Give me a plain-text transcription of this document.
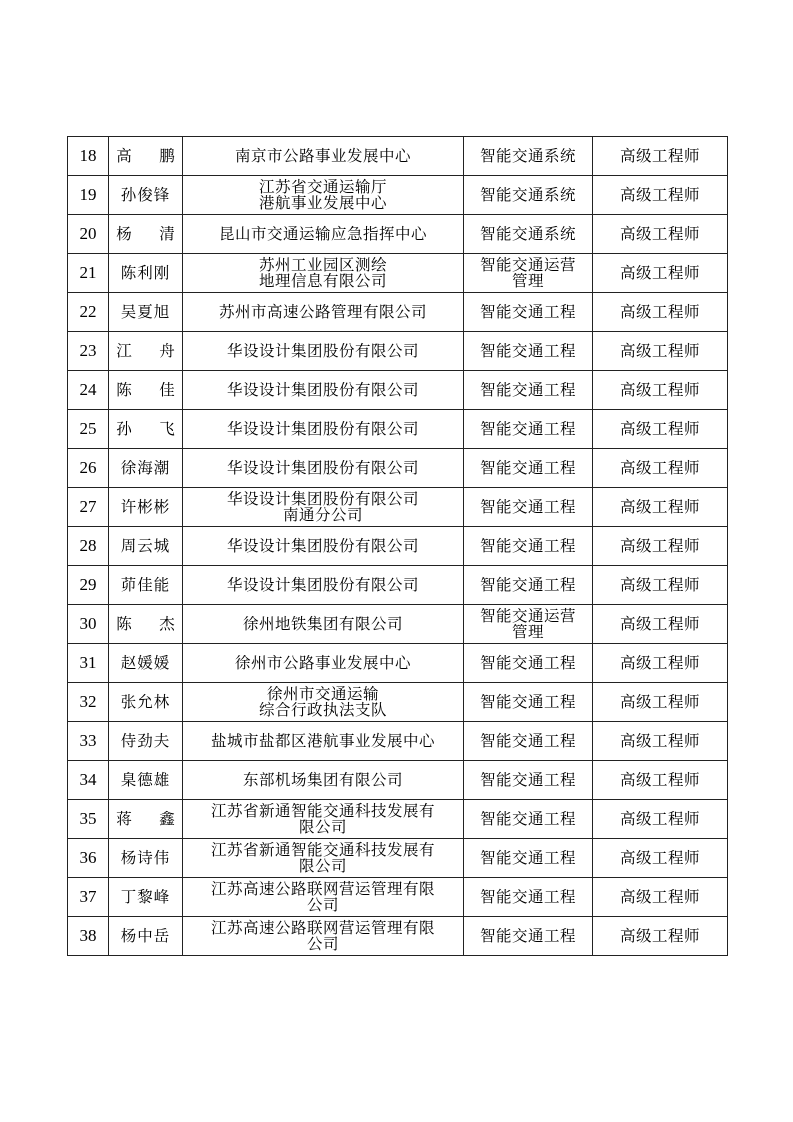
18	高 鹏	南京市公路事业发展中心	智能交通系统	高级工程师
19	孙俊锋	江苏省交通运输厅
港航事业发展中心	智能交通系统	高级工程师
20	杨 清	昆山市交通运输应急指挥中心	智能交通系统	高级工程师
21	陈利刚	苏州工业园区测绘
地理信息有限公司	智能交通运营
管理	高级工程师
22	吴夏旭	苏州市高速公路管理有限公司	智能交通工程	高级工程师
23	江 舟	华设设计集团股份有限公司	智能交通工程	高级工程师
24	陈 佳	华设设计集团股份有限公司	智能交通工程	高级工程师
25	孙 飞	华设设计集团股份有限公司	智能交通工程	高级工程师
26	徐海潮	华设设计集团股份有限公司	智能交通工程	高级工程师
27	许彬彬	华设设计集团股份有限公司
南通分公司	智能交通工程	高级工程师
28	周云城	华设设计集团股份有限公司	智能交通工程	高级工程师
29	茆佳能	华设设计集团股份有限公司	智能交通工程	高级工程师
30	陈 杰	徐州地铁集团有限公司	智能交通运营
管理	高级工程师
31	赵媛媛	徐州市公路事业发展中心	智能交通工程	高级工程师
32	张允林	徐州市交通运输
综合行政执法支队	智能交通工程	高级工程师
33	侍劲夫	盐城市盐都区港航事业发展中心	智能交通工程	高级工程师
34	臬德雄	东部机场集团有限公司	智能交通工程	高级工程师
35	蒋 鑫	江苏省新通智能交通科技发展有
限公司	智能交通工程	高级工程师
36	杨诗伟	江苏省新通智能交通科技发展有
限公司	智能交通工程	高级工程师
37	丁黎峰	江苏高速公路联网营运管理有限
公司	智能交通工程	高级工程师
38	杨中岳	江苏高速公路联网营运管理有限
公司	智能交通工程	高级工程师
